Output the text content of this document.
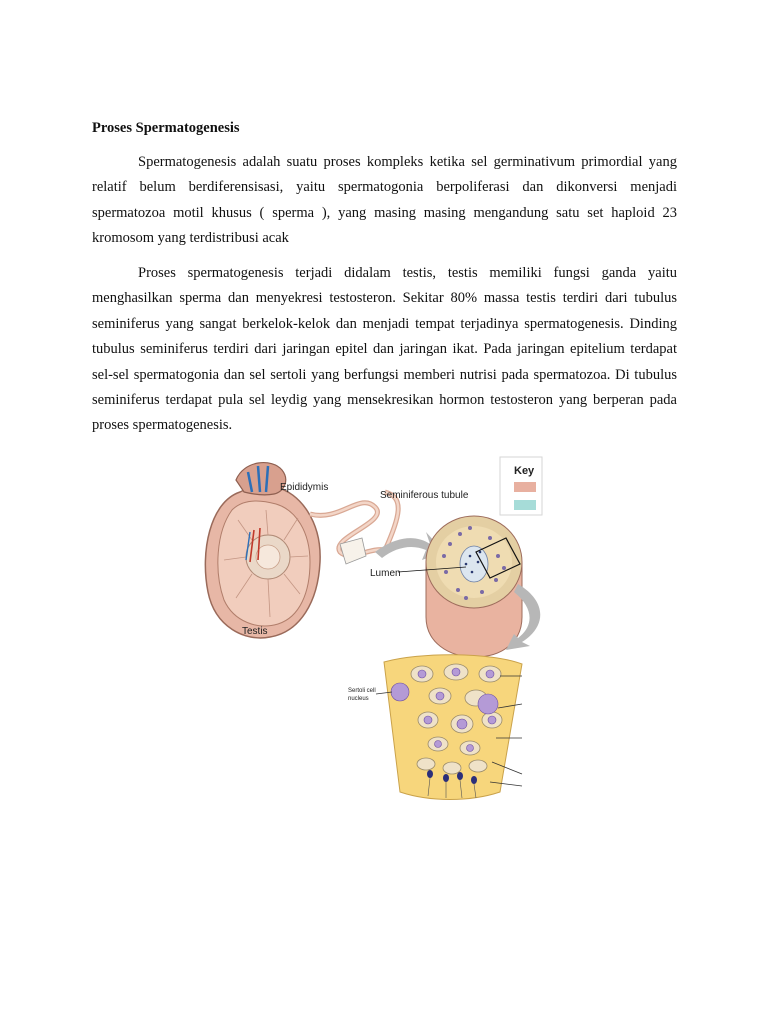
Proses Spermatogenesis

Spermatogenesis adalah suatu proses kompleks ketika sel germinativum primordial yang relatif belum berdiferensisasi, yaitu spermatogonia berpoliferasi dan dikonversi menjadi spermatozoa motil khusus ( sperma ), yang masing masing mengandung satu set haploid 23 kromosom yang terdistribusi acak

Proses spermatogenesis terjadi didalam testis, testis memiliki fungsi ganda yaitu menghasilkan sperma dan menyekresi testosteron. Sekitar 80% massa testis terdiri dari tubulus seminiferus yang sangat berkelok-kelok dan menjadi tempat terjadinya spermatogenesis. Dinding tubulus seminiferus terdiri dari jaringan epitel dan jaringan ikat. Pada jaringan epitelium terdapat sel-sel spermatogonia dan sel sertoli yang berfungsi memberi nutrisi pada spermatozoa. Di tubulus seminiferus terdapat pula sel leydig yang mensekresikan hormon testosteron yang berperan pada proses spermatogenesis.

Key
Epididymis
Seminiferous tubule
Lumen
Testis
Sertoli cell
nucleus
